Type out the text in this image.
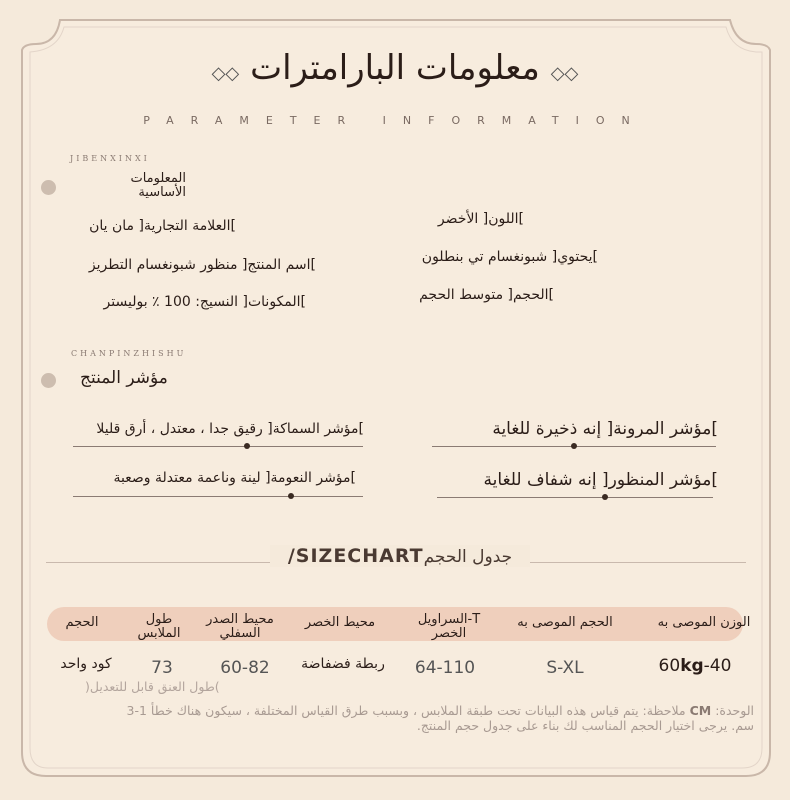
◇◇ معلومات البارامترات ◇◇
PARAMETER INFORMATION
JIBENXINXI
المعلومات الأساسية
]العلامة التجارية[ مان يان
]اسم المنتج[ منظور شبونغسام التطريز
]المكونات[ النسيج: 100 ٪ بوليستر
]اللون[ الأخضر
]يحتوي[ شبونغسام تي بنطلون
]الحجم[ متوسط الحجم
CHANPINZHISHU
مؤشر المنتج
]مؤشر السماكة[ رقيق جدا ، معتدل ، أرق قليلا
]مؤشر النعومة[ لينة وناعمة معتدلة وصعبة
]مؤشر المرونة[ إنه ذخيرة للغاية
]مؤشر المنظور[ إنه شفاف للغاية
جدول الحجمSIZECHART/
الوزن الموصى به
الحجم الموصى به
T-السراويل الخصر
محيط الخصر
محيط الصدر السفلي
طول الملابس
الحجم
60kg-40
S-XL
64-110
ربطة فضفاضة
60-82
73
كود واحد
)طول العنق قابل للتعديل(
الوحدة: CM ملاحظة: يتم قياس هذه البيانات تحت طبقة الملابس ، وبسبب طرق القياس المختلفة ، سيكون هناك خطأ 1-3
سم. يرجى اختيار الحجم المناسب لك بناء على جدول حجم المنتج.
